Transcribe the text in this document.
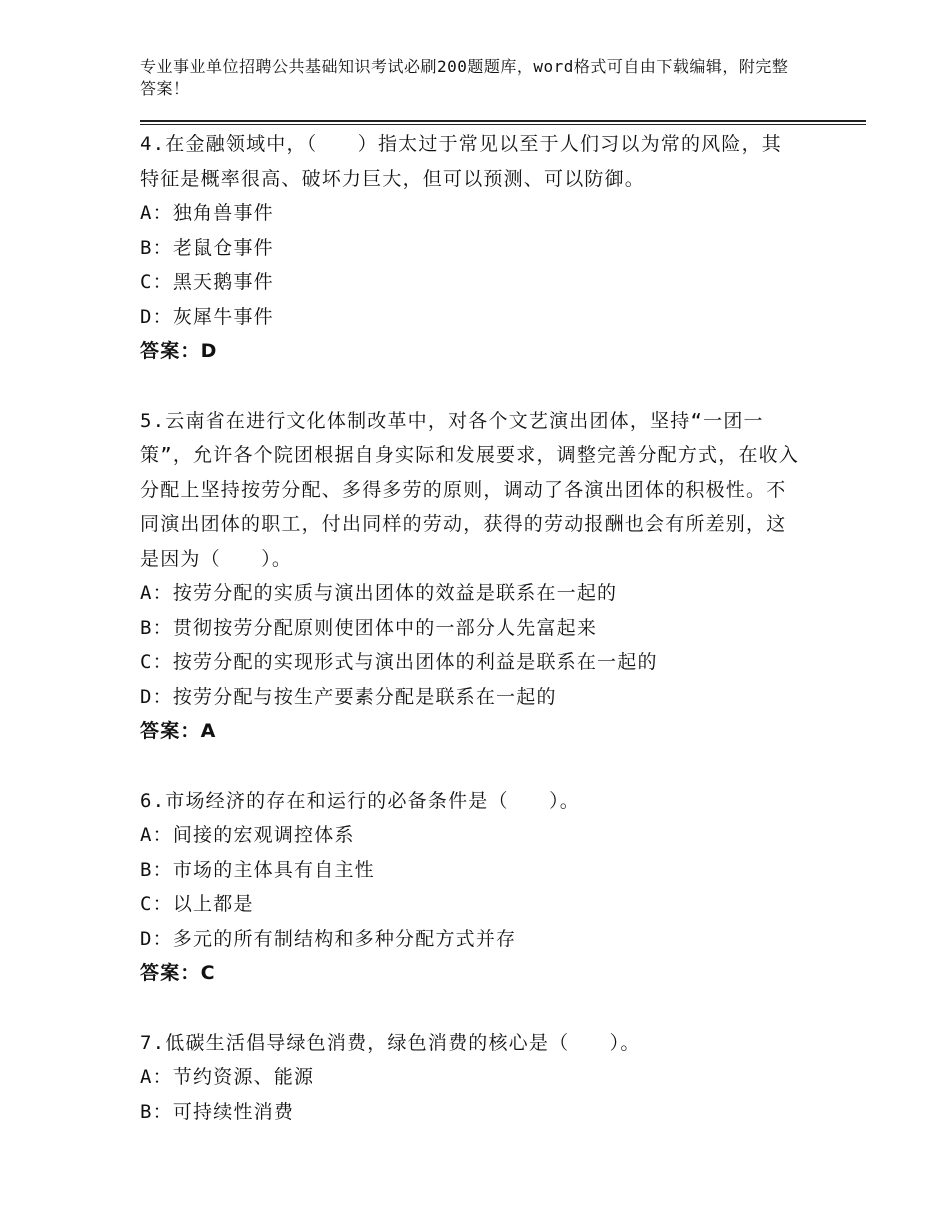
专业事业单位招聘公共基础知识考试必刷200题题库，word格式可自由下载编辑，附完整答案！
4.在金融领域中，（　　）指太过于常见以至于人们习以为常的风险，其特征是概率很高、破坏力巨大，但可以预测、可以防御。
A：独角兽事件
B：老鼠仓事件
C：黑天鹅事件
D：灰犀牛事件
答案：D
5.云南省在进行文化体制改革中，对各个文艺演出团体，坚持“一团一策”，允许各个院团根据自身实际和发展要求，调整完善分配方式，在收入分配上坚持按劳分配、多得多劳的原则，调动了各演出团体的积极性。不同演出团体的职工，付出同样的劳动，获得的劳动报酬也会有所差别，这是因为（　　）。
A：按劳分配的实质与演出团体的效益是联系在一起的
B：贯彻按劳分配原则使团体中的一部分人先富起来
C：按劳分配的实现形式与演出团体的利益是联系在一起的
D：按劳分配与按生产要素分配是联系在一起的
答案：A
6.市场经济的存在和运行的必备条件是（　　）。
A：间接的宏观调控体系
B：市场的主体具有自主性
C：以上都是
D：多元的所有制结构和多种分配方式并存
答案：C
7.低碳生活倡导绿色消费，绿色消费的核心是（　　）。
A：节约资源、能源
B：可持续性消费
